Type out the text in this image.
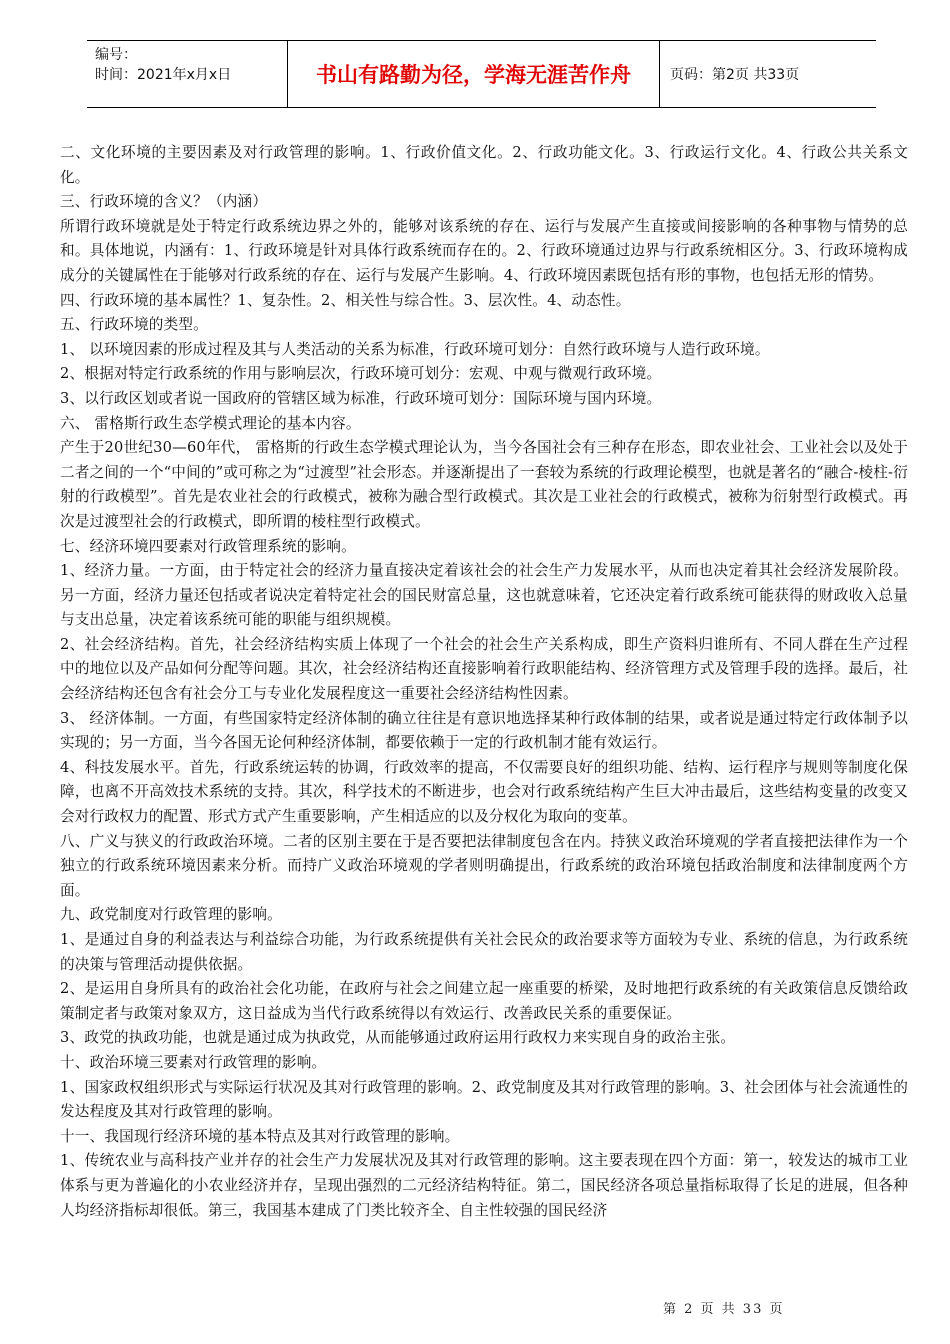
编号：
时间：2021年x月x日	书山有路勤为径，学海无涯苦作舟	页码：第2页 共33页

二、文化环境的主要因素及对行政管理的影响。1、行政价值文化。2、行政功能文化。3、行政运行文化。4、行政公共关系文化。

三、行政环境的含义？（内涵）

所谓行政环境就是处于特定行政系统边界之外的，能够对该系统的存在、运行与发展产生直接或间接影响的各种事物与情势的总和。具体地说，内涵有：1、行政环境是针对具体行政系统而存在的。2、行政环境通过边界与行政系统相区分。3、行政环境构成成分的关键属性在于能够对行政系统的存在、运行与发展产生影响。4、行政环境因素既包括有形的事物，也包括无形的情势。

四、行政环境的基本属性？1、复杂性。2、相关性与综合性。3、层次性。4、动态性。

五、行政环境的类型。

1、 以环境因素的形成过程及其与人类活动的关系为标准，行政环境可划分：自然行政环境与人造行政环境。

2、根据对特定行政系统的作用与影响层次，行政环境可划分：宏观、中观与微观行政环境。

3、以行政区划或者说一国政府的管辖区域为标准，行政环境可划分：国际环境与国内环境。

六、 雷格斯行政生态学模式理论的基本内容。

产生于20世纪30—60年代， 雷格斯的行政生态学模式理论认为，当今各国社会有三种存在形态，即农业社会、工业社会以及处于二者之间的一个“中间的”或可称之为“过渡型”社会形态。并逐渐提出了一套较为系统的行政理论模型，也就是著名的“融合-棱柱-衍射的行政模型”。首先是农业社会的行政模式，被称为融合型行政模式。其次是工业社会的行政模式，被称为衍射型行政模式。再次是过渡型社会的行政模式，即所谓的棱柱型行政模式。

七、经济环境四要素对行政管理系统的影响。

1、经济力量。一方面，由于特定社会的经济力量直接决定着该社会的社会生产力发展水平，从而也决定着其社会经济发展阶段。另一方面，经济力量还包括或者说决定着特定社会的国民财富总量，这也就意味着，它还决定着行政系统可能获得的财政收入总量与支出总量，决定着该系统可能的职能与组织规模。

2、社会经济结构。首先，社会经济结构实质上体现了一个社会的社会生产关系构成，即生产资料归谁所有、不同人群在生产过程中的地位以及产品如何分配等问题。其次，社会经济结构还直接影响着行政职能结构、经济管理方式及管理手段的选择。最后，社会经济结构还包含有社会分工与专业化发展程度这一重要社会经济结构性因素。

3、 经济体制。一方面，有些国家特定经济体制的确立往往是有意识地选择某种行政体制的结果，或者说是通过特定行政体制予以实现的；另一方面，当今各国无论何种经济体制，都要依赖于一定的行政机制才能有效运行。

4、科技发展水平。首先，行政系统运转的协调，行政效率的提高，不仅需要良好的组织功能、结构、运行程序与规则等制度化保障，也离不开高效技术系统的支持。其次，科学技术的不断进步，也会对行政系统结构产生巨大冲击最后，这些结构变量的改变又会对行政权力的配置、形式方式产生重要影响，产生相适应的以及分权化为取向的变革。

八、广义与狭义的行政政治环境。二者的区别主要在于是否要把法律制度包含在内。持狭义政治环境观的学者直接把法律作为一个独立的行政系统环境因素来分析。而持广义政治环境观的学者则明确提出，行政系统的政治环境包括政治制度和法律制度两个方面。

九、政党制度对行政管理的影响。

1、是通过自身的利益表达与利益综合功能，为行政系统提供有关社会民众的政治要求等方面较为专业、系统的信息，为行政系统的决策与管理活动提供依据。

2、是运用自身所具有的政治社会化功能，在政府与社会之间建立起一座重要的桥梁，及时地把行政系统的有关政策信息反馈给政策制定者与政策对象双方，这日益成为当代行政系统得以有效运行、改善政民关系的重要保证。

3、政党的执政功能，也就是通过成为执政党，从而能够通过政府运用行政权力来实现自身的政治主张。

十、政治环境三要素对行政管理的影响。

1、国家政权组织形式与实际运行状况及其对行政管理的影响。2、政党制度及其对行政管理的影响。3、社会团体与社会流通性的发达程度及其对行政管理的影响。

十一、我国现行经济环境的基本特点及其对行政管理的影响。

1、传统农业与高科技产业并存的社会生产力发展状况及其对行政管理的影响。这主要表现在四个方面：第一，较发达的城市工业体系与更为普遍化的小农业经济并存，呈现出强烈的二元经济结构特征。第二，国民经济各项总量指标取得了长足的进展，但各种人均经济指标却很低。第三，我国基本建成了门类比较齐全、自主性较强的国民经济

第 2 页 共 33 页
